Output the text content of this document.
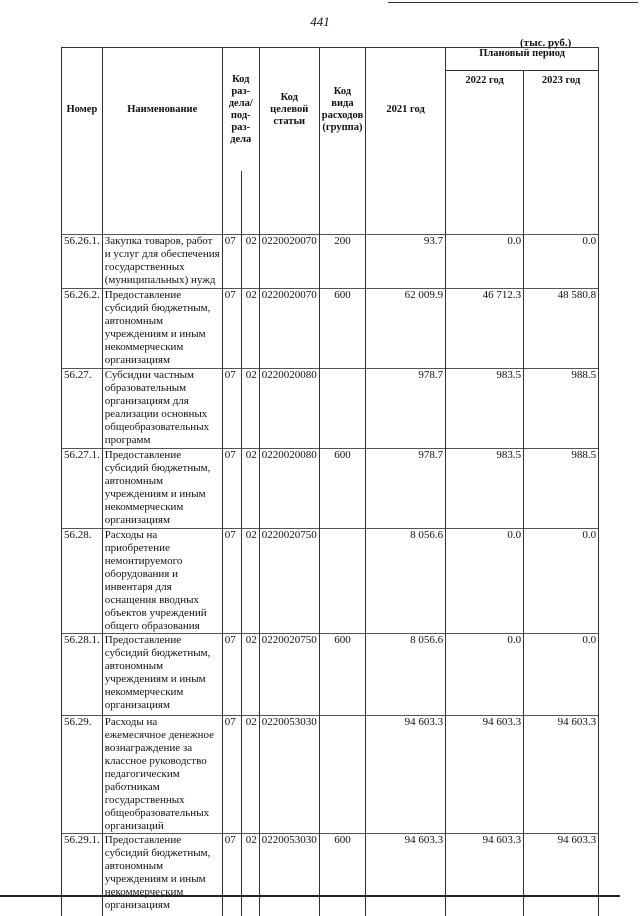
441
(тыс. руб.)
Номер	Наименование	Код раз-дела/ под-раз-дела		Код целевой статьи	Код вида расходов (группа)	2021 год	Плановый период	
							2022 год	2023 год

56.26.1.	Закупка товаров, работ и услуг для обеспечения государственных (муниципальных) нужд	07	02	0220020070	200	93.7	0.0	0.0
56.26.2.	Предоставление субсидий бюджетным, автономным учреждениям и иным некоммерческим организациям	07	02	0220020070	600	62 009.9	46 712.3	48 580.8
56.27.	Субсидии частным образовательным организациям для реализации основных общеобразовательных программ	07	02	0220020080		978.7	983.5	988.5
56.27.1.	Предоставление субсидий бюджетным, автономным учреждениям и иным некоммерческим организациям	07	02	0220020080	600	978.7	983.5	988.5
56.28.	Расходы на приобретение немонтируемого оборудования и инвентаря для оснащения вводных объектов учреждений общего образования	07	02	0220020750		8 056.6	0.0	0.0
56.28.1.	Предоставление субсидий бюджетным, автономным учреждениям и иным некоммерческим организациям	07	02	0220020750	600	8 056.6	0.0	0.0
56.29.	Расходы на ежемесячное денежное вознаграждение за классное руководство педагогическим работникам государственных общеобразовательных организаций	07	02	0220053030		94 603.3	94 603.3	94 603.3
56.29.1.	Предоставление субсидий бюджетным, автономным учреждениям и иным некоммерческим организациям	07	02	0220053030	600	94 603.3	94 603.3	94 603.3
